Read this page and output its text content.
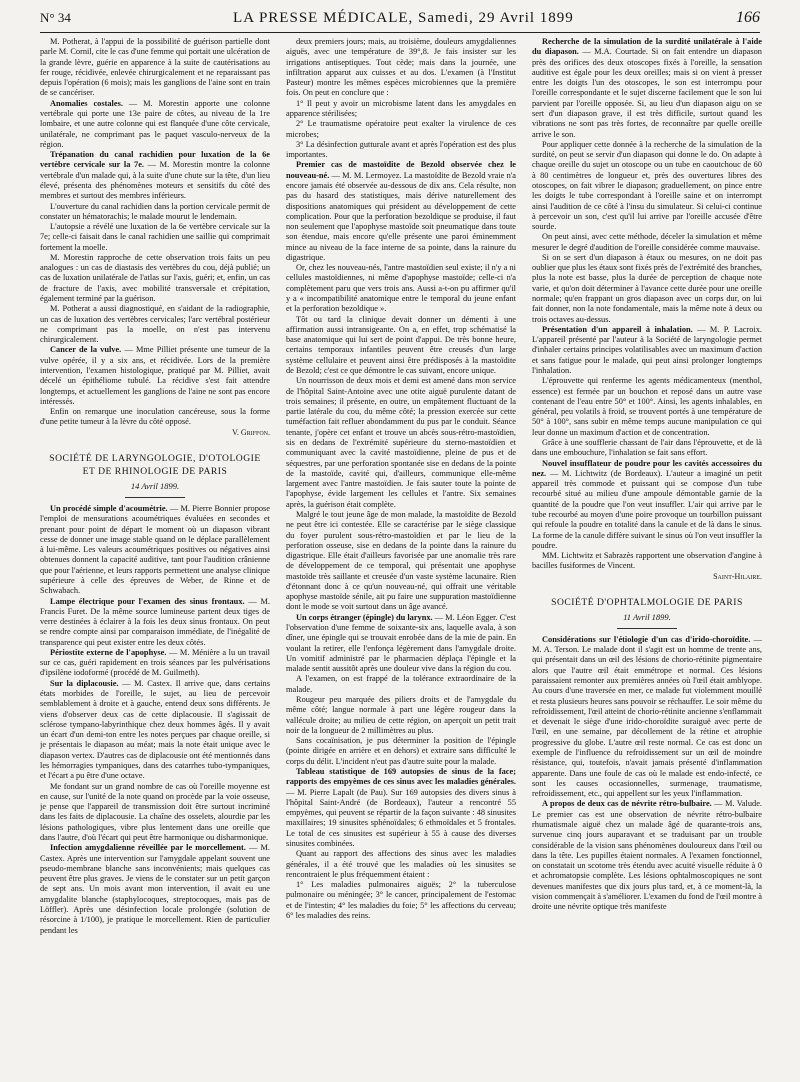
N° 34	LA PRESSE MÉDICALE, Samedi, 29 Avril 1899	166

M. Potherat, à l'appui de la possibilité de guérison partielle dont parle M. Cornil, cite le cas d'une femme qui portait une ulcération de la grande lèvre, guérie en apparence à la suite de cautérisations au fer rouge, récidivée, enlevée chirurgicalement et ne reparaissant pas depuis l'opération (6 mois); mais les ganglions de l'aine sont en train de se cancériser.

Anomalies costales. — M. Morestin apporte une colonne vertébrale qui porte une 13e paire de côtes, au niveau de la 1re lombaire, et une autre colonne qui est flanquée d'une côte cervicale, unilatérale, ne comprimant pas le paquet vasculo-nerveux de la région.

Trépanation du canal rachidien pour luxation de la 6e vertèbre cervicale sur la 7e. — M. Morestin montre la colonne vertébrale d'un malade qui, à la suite d'une chute sur la tête, d'un lieu élevé, présenta des phénomènes moteurs et sensitifs du côté des membres et surtout des membres inférieurs.

L'ouverture du canal rachidien dans la portion cervicale permit de constater un hématorachis; le malade mourut le lendemain.

L'autopsie a révélé une luxation de la 6e vertèbre cervicale sur la 7e; celle-ci faisait dans le canal rachidien une saillie qui comprimait fortement la moelle.

M. Morestin rapproche de cette observation trois faits un peu analogues : un cas de diastasis des vertèbres du cou, déjà publié; un cas de luxation unilatérale de l'atlas sur l'axis, guéri; et, enfin, un cas de fracture de l'axis, avec mobilité transversale et crépitation, également terminé par la guérison.

M. Potherat a aussi diagnostiqué, en s'aidant de la radiographie, un cas de luxation des vertèbres cervicales; l'arc vertébral postérieur ne comprimant pas la moelle, on n'est pas intervenu chirurgicalement.

Cancer de la vulve. — Mme Pilliet présente une tumeur de la vulve opérée, il y a six ans, et récidivée. Lors de la première intervention, l'examen histologique, pratiqué par M. Pilliet, avait décelé un épithéliome tubulé. La récidive s'est fait attendre longtemps, et actuellement les ganglions de l'aine ne sont pas encore intéressés.

Enfin on remarque une inoculation cancéreuse, sous la forme d'une petite tumeur à la lèvre du côté opposé.

V. Griffon.

SOCIÉTÉ DE LARYNGOLOGIE, D'OTOLOGIE
ET DE RHINOLOGIE DE PARIS
14 Avril 1899.

Un procédé simple d'acoumétrie. — M. Pierre Bonnier propose l'emploi de mensurations acoumétriques évaluées en secondes et prenant pour point de départ le moment où un diapason vibrant cesse de donner une image stable quand on le déplace parallèlement à lui-même. Les valeurs acoumétriques positives ou négatives ainsi obtenues donnent la capacité auditive, tant pour l'audition crânienne que pour l'aérienne, et leurs rapports permettent une analyse clinique supérieure à celle des épreuves de Weber, de Rinne et de Schwabach.

Lampe électrique pour l'examen des sinus frontaux. — M. Francis Furet. De la même source lumineuse partent deux tiges de verre destinées à éclairer à la fois les deux sinus frontaux. On peut se rendre compte ainsi par comparaison immédiate, de l'inégalité de transparence qui peut exister entre les deux côtés.

Périostite externe de l'apophyse. — M. Ménière a lu un travail sur ce cas, guéri rapidement en trois séances par les pulvérisations d'ipsilène iodoformé (procédé de M. Guilmeth).

Sur la diplacousie. — M. Castex. Il arrive que, dans certains états morbides de l'oreille, le sujet, au lieu de percevoir semblablement à droite et à gauche, entend deux sons différents. Je viens d'observer deux cas de cette diplacousie. Il s'agissait de sclérose tympano-labyrinthique chez deux hommes âgés. Il y avait un écart d'un demi-ton entre les notes perçues par chaque oreille, si je présentais le diapason au méat; mais la note était unique avec le diapason vertex. D'autres cas de diplacousie ont été mentionnés dans les hémorragies tympaniques, dans des catarrhes tubo-tympaniques, et l'écart a pu être d'une octave.

Me fondant sur un grand nombre de cas où l'oreille moyenne est en cause, sur l'unité de la note quand on procède par la voie osseuse, je pense que l'appareil de transmission doit être surtout incriminé dans les faits de diplacousie. La chaîne des osselets, alourdie par les lésions pathologiques, vibre plus lentement dans une oreille que dans l'autre, d'où l'écart qui peut être harmonique ou disharmonique.

Infection amygdalienne réveillée par le morcellement. — M. Castex. Après une intervention sur l'amygdale appelant souvent une pseudo-membrane blanche sans inconvénients; mais quelques cas peuvent être plus graves. Je viens de le constater sur un petit garçon de sept ans. Un mois avant mon intervention, il avait eu une amygdalite blanche (staphylocoques, streptocoques, mais pas de Löffler). Après une désinfection locale prolongée (solution de résorcine à 1/100), je pratique le morcellement. Rien de particulier pendant les

deux premiers jours; mais, au troisième, douleurs amygdaliennes aiguës, avec une température de 39°,8. Je fais insister sur les irrigations antiseptiques. Tout cède; mais dans la journée, une infiltration apparut aux cuisses et au dos. L'examen (à l'Institut Pasteur) montre les mêmes espèces microbiennes que la première fois. On peut en conclure que :

1° Il peut y avoir un microbisme latent dans les amygdales en apparence stérilisées;

2° Le traumatisme opératoire peut exalter la virulence de ces microbes;

3° La désinfection gutturale avant et après l'opération est des plus importantes.

Premier cas de mastoïdite de Bezold observée chez le nouveau-né. — M. M. Lermoyez. La mastoïdite de Bezold vraie n'a encore jamais été observée au-dessous de dix ans. Cela résulte, non pas du hasard des statistiques, mais dérive naturellement des dispositions anatomiques qui président au développement de cette complication. Pour que la perforation bezoldique se produise, il faut non seulement que l'apophyse mastoïde soit pneumatique dans toute son étendue, mais encore qu'elle présente une paroi éminemment mince au niveau de la face interne de sa pointe, dans la rainure du digastrique.

Or, chez les nouveau-nés, l'antre mastoïdien seul existe; il n'y a ni cellules mastoïdiennes, ni même d'apophyse mastoïde; celle-ci n'a complètement paru que vers trois ans. Aussi a-t-on pu affirmer qu'il y a « incompatibilité anatomique entre le temporal du jeune enfant et la perforation bezoldique ».

Tôt ou tard la clinique devait donner un démenti à une affirmation aussi intransigeante. On a, en effet, trop schématisé la base anatomique qui lui sert de point d'appui. De très bonne heure, certains temporaux infantiles peuvent être creusés d'un large système cellulaire et peuvent ainsi être prédisposés à la mastoïdite de Bezold; c'est ce que démontre le cas suivant, encore unique.

Un nourrisson de deux mois et demi est amené dans mon service de l'hôpital Saint-Antoine avec une otite aiguë purulente datant de trois semaines; il présente, en outre, un empâtement fluctuant de la partie latérale du cou, du même côté; la pression exercée sur cette tuméfaction fait refluer abondamment du pus par le conduit. Séance tenante, j'opère cet enfant et trouve un abcès sous-rétro-mastoïdien, sis en dedans de l'extrémité supérieure du sterno-mastoïdien et communiquant avec la cavité mastoïdienne, pleine de pus et de séquestres, par une perforation spontanée sise en dedans de la pointe de la mastoïde, cavité qui, d'ailleurs, communique elle-même largement avec l'antre mastoïdien. Je fais sauter toute la pointe de l'apophyse, évide largement les cellules et l'antre. Six semaines après, la guérison était complète.

Malgré le tout jeune âge de mon malade, la mastoïdite de Bezold ne peut être ici contestée. Elle se caractérise par le siège classique du foyer purulent sous-rétro-mastoïdien et par le lieu de la perforation osseuse, sise en dedans de la pointe dans la rainure du digastrique. Elle était d'ailleurs favorisée par une anomalie très rare de développement de ce temporal, qui présentait une apophyse mastoïde très saillante et creusée d'un vaste système lacunaire. Rien d'étonnant donc à ce qu'un nouveau-né, qui offrait une véritable apophyse mastoïde sénile, ait pu faire une suppuration mastoïdienne dont le mode se voit surtout dans un âge avancé.

Un corps étranger (épingle) du larynx. — M. Léon Egger. C'est l'observation d'une femme de soixante-six ans, laquelle avala, à son dîner, une épingle qui se trouvait enrobée dans de la mie de pain. En voulant la retirer, elle l'enfonça légèrement dans l'amygdale droite. Un vomitif administré par le pharmacien déplaça l'épingle et la malade sentit aussitôt après une douleur vive dans la région du cou.

A l'examen, on est frappé de la tolérance extraordinaire de la malade.

Rougeur peu marquée des piliers droits et de l'amygdale du même côté; langue normale à part une légère rougeur dans la vallécule droite; au milieu de cette région, on aperçoit un petit trait noir de la longueur de 2 millimètres au plus.

Sans cocaïnisation, je pus déterminer la position de l'épingle (pointe dirigée en arrière et en dehors) et extraire sans difficulté le corps du délit. L'incident n'eut pas d'autre suite pour la malade.

Tableau statistique de 169 autopsies de sinus de la face; rapports des empyèmes de ces sinus avec les maladies générales. — M. Pierre Lapalt (de Pau). Sur 169 autopsies des divers sinus à l'hôpital Saint-André (de Bordeaux), l'auteur a rencontré 55 empyèmes, qui peuvent se répartir de la façon suivante : 48 sinusites maxillaires; 19 sinusites sphénoïdales; 6 ethmoïdales et 5 frontales. Le total de ces sinusites est supérieur à 55 à cause des diverses sinusites combinées.

Quant au rapport des affections des sinus avec les maladies générales, il a été trouvé que les maladies où les sinusites se rencontraient le plus fréquemment étaient :

1° Les maladies pulmonaires aiguës; 2° la tuberculose pulmonaire ou méningée; 3° le cancer, principalement de l'estomac et de l'intestin; 4° les maladies du foie; 5° les affections du cerveau; 6° les maladies des reins.

Recherche de la simulation de la surdité unilatérale à l'aide du diapason. — M.A. Courtade. Si on fait entendre un diapason près des orifices des deux otoscopes fixés à l'oreille, la sensation auditive est égale pour les deux oreilles; mais si on vient à presser entre les doigts l'un des otoscopes, le son est interrompu pour l'oreille correspondante et le sujet discerne facilement que le son lui parvient par l'oreille opposée. Si, au lieu d'un diapason aigu on se sert d'un diapason grave, il est très difficile, surtout quand les vibrations ne sont pas très fortes, de reconnaître par quelle oreille arrive le son.

Pour appliquer cette donnée à la recherche de la simulation de la surdité, on peut se servir d'un diapason qui donne le do. On adapte à chaque oreille du sujet un otoscope ou un tube en caoutchouc de 60 à 80 centimètres de longueur et, près des ouvertures libres des otoscopes, on fait vibrer le diapason; graduellement, on pince entre les doigts le tube correspondant à l'oreille saine et on interrompt ainsi l'audition de ce côté à l'insu du simulateur. Si celui-ci continue à percevoir un son, c'est qu'il lui arrive par l'oreille accusée d'être sourde.

On peut ainsi, avec cette méthode, déceler la simulation et même mesurer le degré d'audition de l'oreille considérée comme mauvaise.

Si on se sert d'un diapason à étaux ou mesures, on ne doit pas oublier que plus les étaux sont fixés près de l'extrémité des branches, plus la note est basse, plus la durée de perception de chaque note varie, et qu'on doit déterminer à l'avance cette durée pour une oreille normale; qu'en frappant un gros diapason avec un corps dur, on lui fait donner, non la note fondamentale, mais la même note à deux ou trois octaves au-dessus.

Présentation d'un appareil à inhalation. — M. P. Lacroix. L'appareil présenté par l'auteur à la Société de laryngologie permet d'inhaler certains principes volatilisables avec un maximum d'action et sans fatigue pour le malade, qui peut ainsi prolonger longtemps l'inhalation.

L'éprouvette qui renferme les agents médicamenteux (menthol, essence) est fermée par un bouchon et reposé dans un autre vase contenant de l'eau entre 50° et 100°. Ainsi, les agents inhalables, en général, peu volatils à froid, se trouvent portés à une température de 50° à 100°, sans subir en même temps aucune manipulation ce qui leur donne un maximum d'action et de concentration.

Grâce à une soufflerie chassant de l'air dans l'éprouvette, et de là dans une embouchure, l'inhalation se fait sans effort.

Nouvel insufflateur de poudre pour les cavités accessoires du nez. — M. Lichtwitz (de Bordeaux). L'auteur a imaginé un petit appareil très commode et puissant qui se compose d'un tube recourbé situé au milieu d'une ampoule démontable garnie de la quantité de la poudre que l'on veut insuffler. L'air qui arrive par le tube recourbé au moyen d'une poire provoque un tourbillon puissant qui refoule la poudre en totalité dans la canule et de là dans le sinus. La forme de la canule diffère suivant le sinus où l'on veut insuffler la poudre.

MM. Lichtwitz et Sabrazès rapportent une observation d'angine à bacilles fusiformes de Vincent.

Saint-Hilaire.

SOCIÉTÉ D'OPHTALMOLOGIE DE PARIS
11 Avril 1899.

Considérations sur l'étiologie d'un cas d'irido-choroïdite. — M. A. Terson. Le malade dont il s'agit est un homme de trente ans, qui présentait dans un œil des lésions de chorio-rétinite pigmentaire alors que l'autre œil était emmétrope et normal. Ces lésions paraissaient remonter aux premières années où l'œil était amblyope. Au cours d'une traversée en mer, ce malade fut violemment mouillé et resta plusieurs heures sans pouvoir se réchauffer. Le soir même du refroidissement, l'œil atteint de chorio-rétinite ancienne s'enflammait et devenait le siège d'une irido-choroïdite suraiguë avec perte de l'œil, en une semaine, par décollement de la rétine et atrophie progressive du globe. L'autre œil reste normal. Ce cas est donc un exemple de l'influence du refroidissement sur un œil de moindre résistance, qui, toutefois, n'avait jamais présenté d'inflammation apparente. Dans une foule de cas où le malade est endo-infecté, ce sont les causes occasionnelles, surmenage, traumatisme, refroidissement, etc., qui appellent sur les yeux l'inflammation.

A propos de deux cas de névrite rétro-bulbaire. — M. Valude. Le premier cas est une observation de névrite rétro-bulbaire rhumatismale aiguë chez un malade âgé de quarante-trois ans, survenue cinq jours auparavant et se traduisant par un trouble considérable de la vision sans phénomènes douloureux dans l'œil ou dans la tête. Les pupilles étaient normales. A l'examen fonctionnel, on constatait un scotome très étendu avec acuité visuelle réduite à 0 et achromatopsie complète. Les lésions ophtalmoscopiques ne sont devenues manifestes que dix jours plus tard, et, à ce moment-là, la vision commençait à s'améliorer. L'examen du fond de l'œil montre à droite une névrite optique très manifeste
